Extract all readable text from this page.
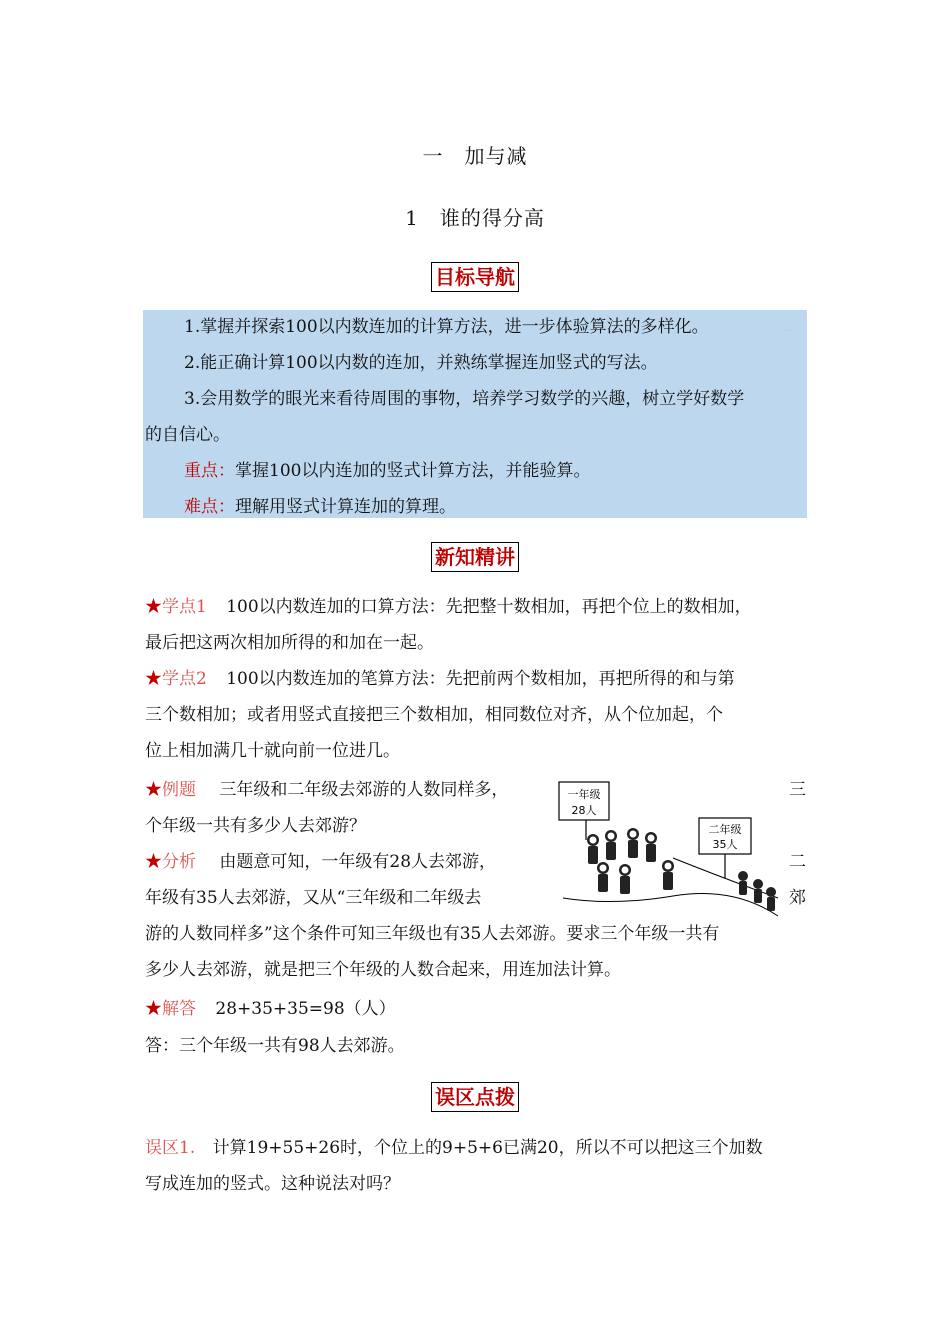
一　加与减
1　谁的得分高
目标导航
1.掌握并探索100以内数连加的计算方法，进一步体验算法的多样化。
2.能正确计算100以内数的连加，并熟练掌握连加竖式的写法。
3.会用数学的眼光来看待周围的事物，培养学习数学的兴趣，树立学好数学
的自信心。
重点：掌握100以内连加的竖式计算方法，并能验算。
难点：理解用竖式计算连加的算理。
·····
新知精讲
★学点1 100以内数连加的口算方法：先把整十数相加，再把个位上的数相加，
最后把这两次相加所得的和加在一起。
★学点2 100以内数连加的笔算方法：先把前两个数相加，再把所得的和与第
三个数相加；或者用竖式直接把三个数相加，相同数位对齐，从个位加起，个
位上相加满几十就向前一位进几。
★例题 三年级和二年级去郊游的人数同样多，	三
个年级一共有多少人去郊游？
★分析 由题意可知，一年级有28人去郊游，	二
年级有35人去郊游，又从“三年级和二年级去	郊
游的人数同样多”这个条件可知三年级也有35人去郊游。要求三个年级一共有
多少人去郊游，就是把三个年级的人数合起来，用连加法计算。
★解答 28+35+35=98（人）
答：三个年级一共有98人去郊游。
一年级
28人
二年级
35人
误区点拨
误区1. 计算19+55+26时，个位上的9+5+6已满20，所以不可以把这三个加数
写成连加的竖式。这种说法对吗？
